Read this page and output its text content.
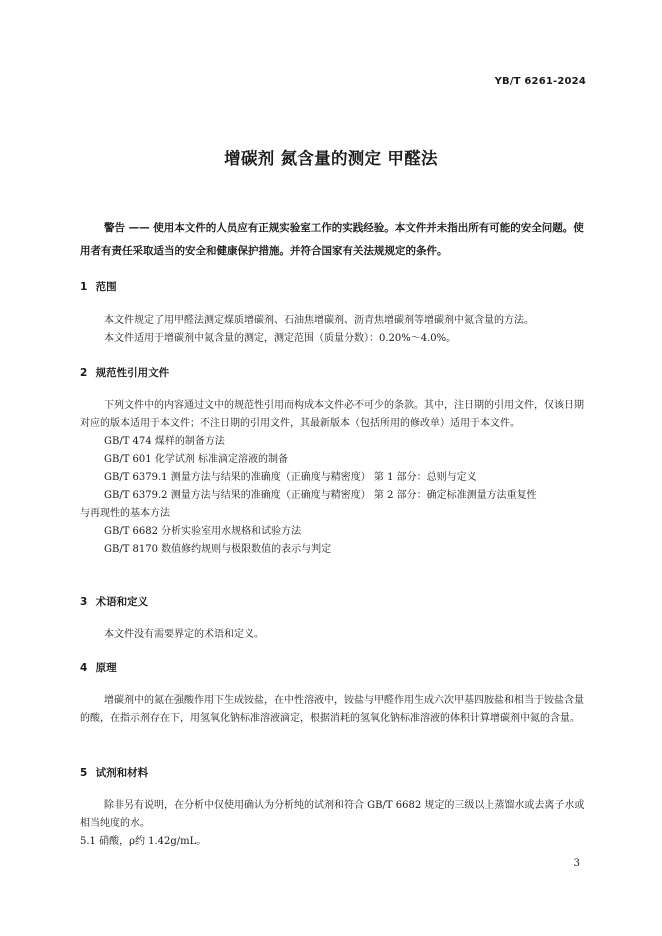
YB/T 6261-2024
增碳剂 氮含量的测定 甲醛法
警告 —— 使用本文件的人员应有正规实验室工作的实践经验。本文件并未指出所有可能的安全问题。使用者有责任采取适当的安全和健康保护措施。并符合国家有关法规规定的条件。
1 范围
本文件规定了用甲醛法测定煤质增碳剂、石油焦增碳剂、沥青焦增碳剂等增碳剂中氮含量的方法。
本文件适用于增碳剂中氮含量的测定，测定范围（质量分数）：0.20%～4.0%。
2 规范性引用文件
下列文件中的内容通过文中的规范性引用而构成本文件必不可少的条款。其中，注日期的引用文件，仅该日期对应的版本适用于本文件；不注日期的引用文件，其最新版本（包括所用的修改单）适用于本文件。
GB/T 474 煤样的制备方法
GB/T 601 化学试剂 标准滴定溶液的制备
GB/T 6379.1 测量方法与结果的准确度（正确度与精密度） 第 1 部分：总则与定义
GB/T 6379.2 测量方法与结果的准确度（正确度与精密度） 第 2 部分：确定标准测量方法重复性
与再现性的基本方法
GB/T 6682 分析实验室用水规格和试验方法
GB/T 8170 数值修约规则与极限数值的表示与判定
3 术语和定义
本文件没有需要界定的术语和定义。
4 原理
增碳剂中的氮在强酸作用下生成铵盐，在中性溶液中，铵盐与甲醛作用生成六次甲基四胺盐和相当于铵盐含量的酸，在指示剂存在下，用氢氧化钠标准溶液滴定，根据消耗的氢氧化钠标准溶液的体积计算增碳剂中氮的含量。
5 试剂和材料
除非另有说明，在分析中仅使用确认为分析纯的试剂和符合 GB/T 6682 规定的三级以上蒸馏水或去离子水或相当纯度的水。
5.1 硝酸，ρ约 1.42g/mL。
3
